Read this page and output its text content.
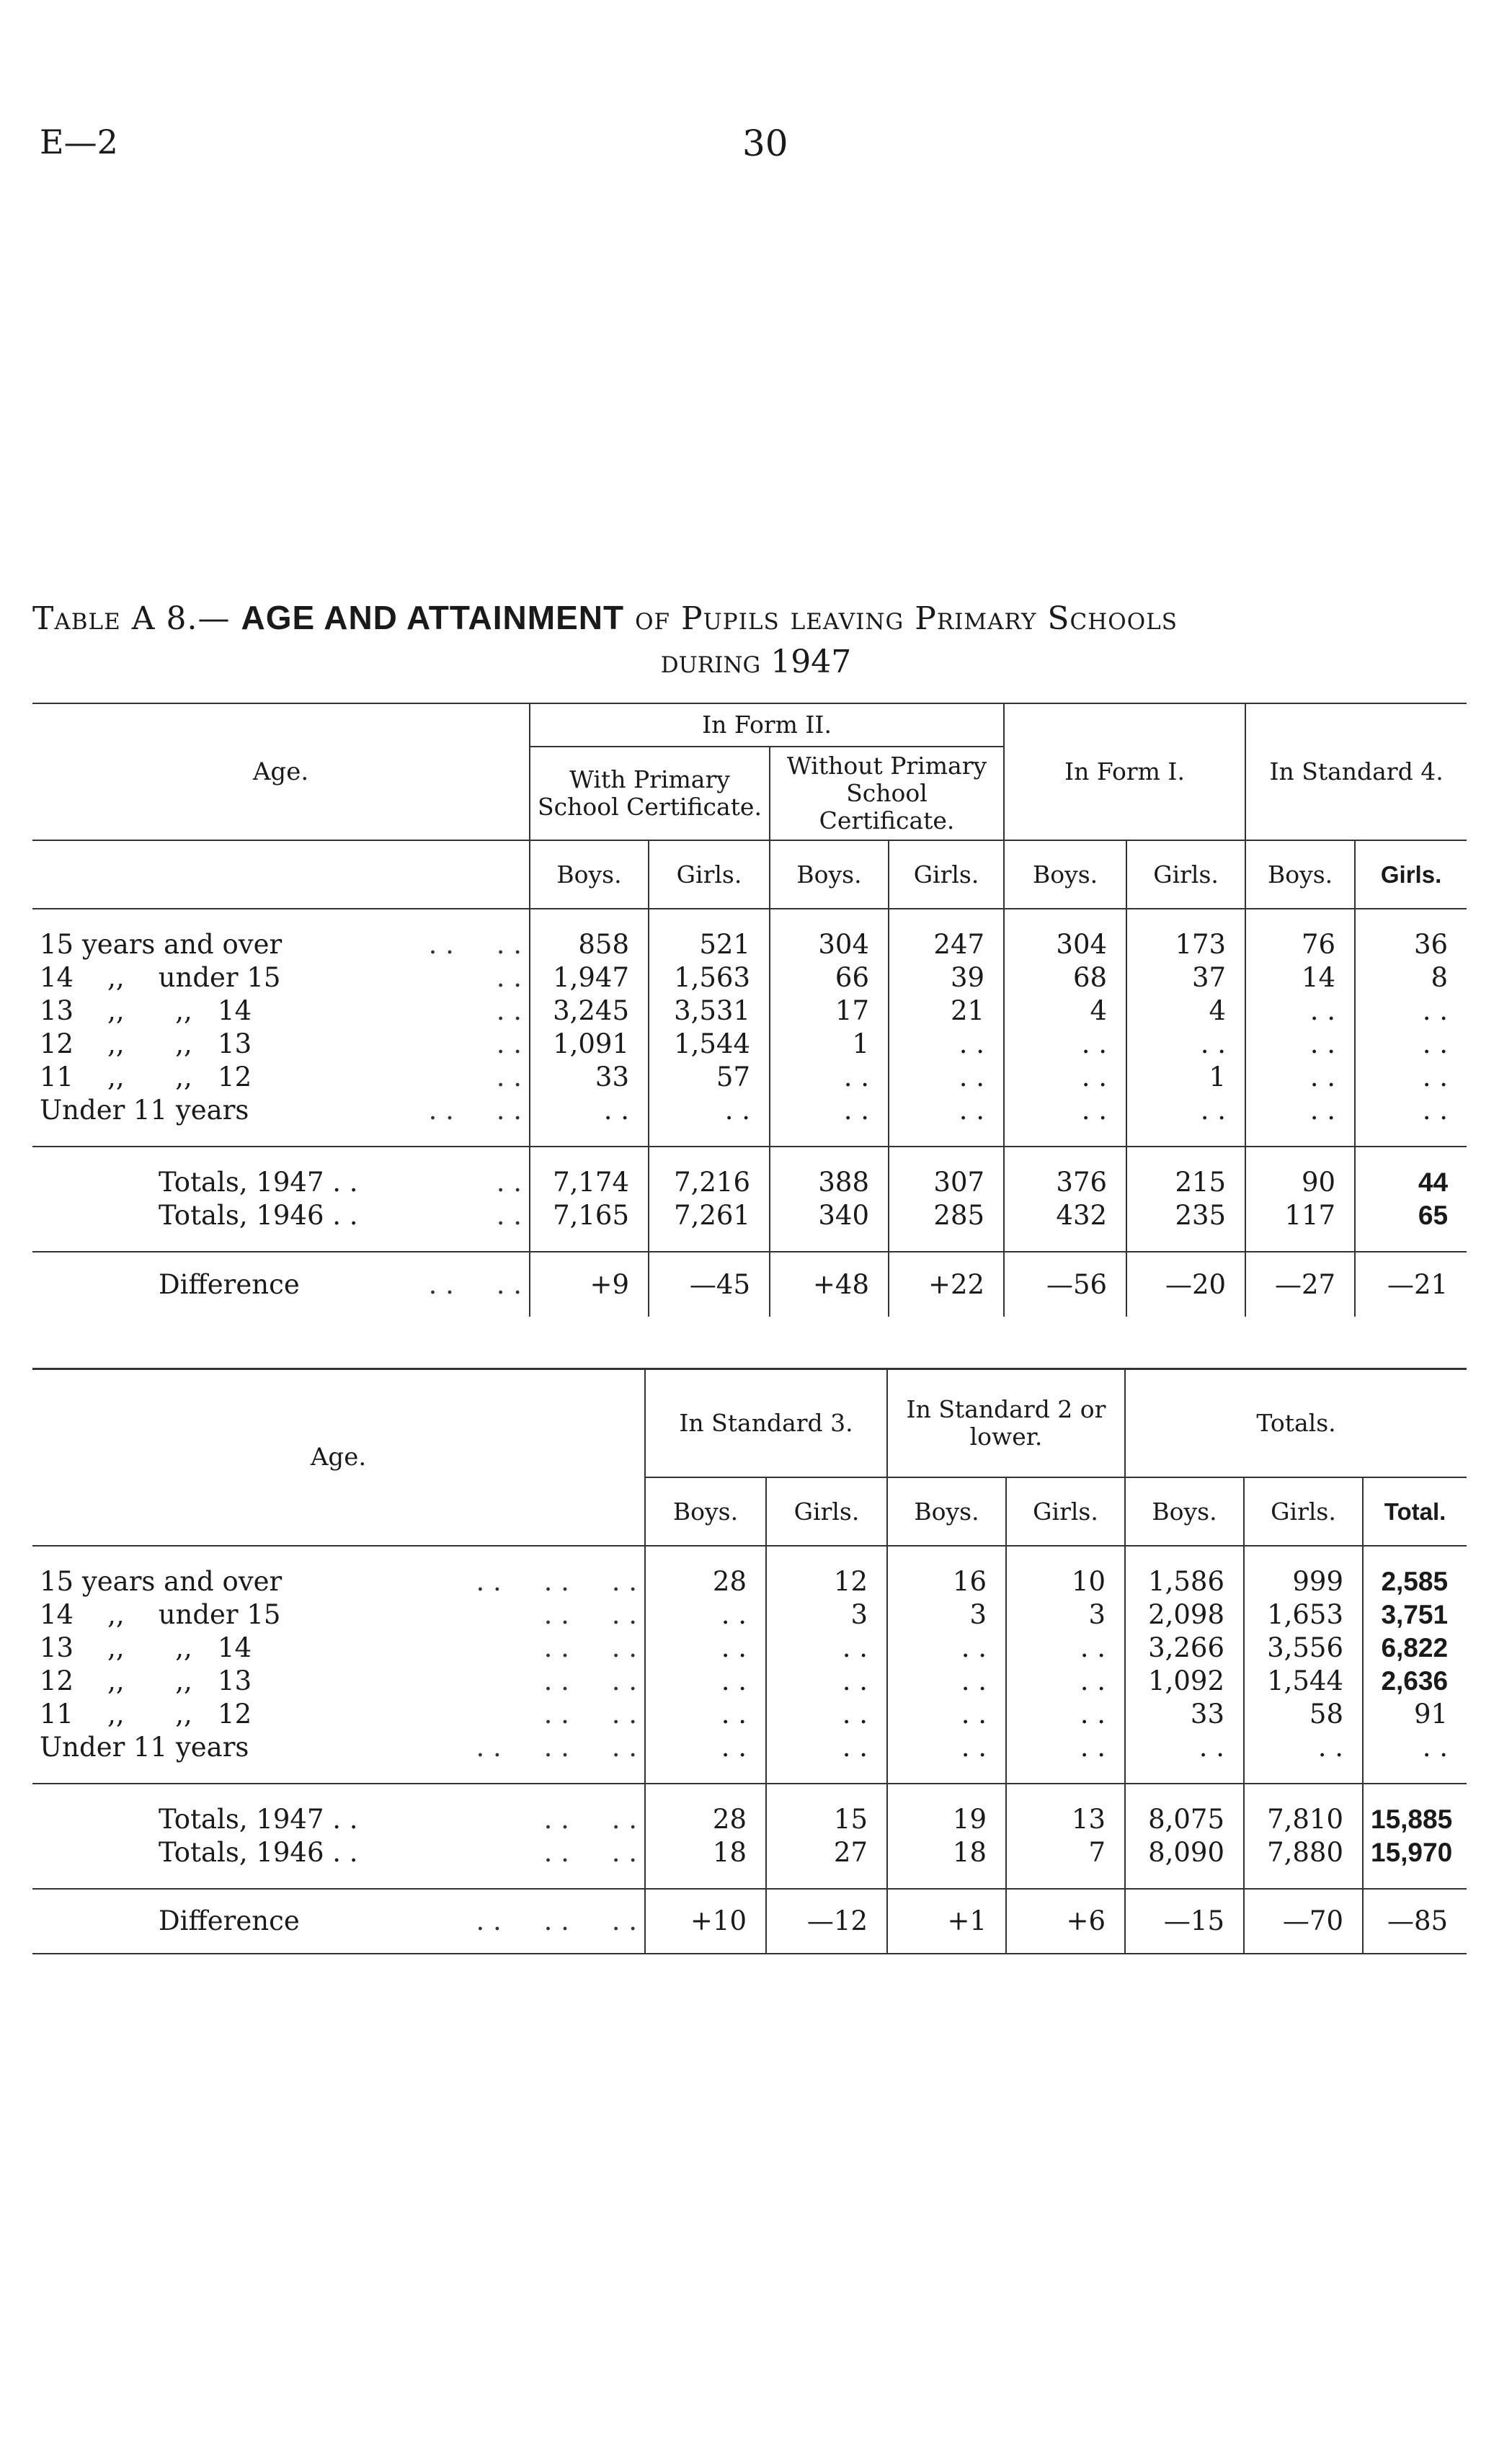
E—2	30
Table A 8.— AGE AND ATTAINMENT of Pupils leaving Primary Schools
during 1947
Age.	In Form II.				In Form I.		In Standard 4.	
	With Primary School Certificate.		Without Primary School Certificate.					
	Boys.	Girls.	Boys.	Girls.	Boys.	Girls.	Boys.	Girls.

15 years and over . .     . .	858	521	304	247	304	173	76	36
14    ,,    under 15 . .	1,947	1,563	66	39	68	37	14	8
13    ,,      ,,   14 . .	3,245	3,531	17	21	4	4	. .	. .
12    ,,      ,,   13 . .	1,091	1,544	1	. .	. .	. .	. .	. .
11    ,,      ,,   12 . .	33	57	. .	. .	. .	1	. .	. .
Under 11 years . .     . .	. .	. .	. .	. .	. .	. .	. .	. .

Totals, 1947 . . . .	7,174	7,216	388	307	376	215	90	44
Totals, 1946 . . . .	7,165	7,261	340	285	432	235	117	65

Difference . .     . .	+9	—45	+48	+22	—56	—20	—27	—21
Age.	In Standard 3.		In Standard 2 or lower.		Totals.		
	Boys.	Girls.	Boys.	Girls.	Boys.	Girls.	Total.

15 years and over . .     . .     . .	28	12	16	10	1,586	999	2,585
14    ,,    under 15 . .     . .	. .	3	3	3	2,098	1,653	3,751
13    ,,      ,,   14 . .     . .	. .	. .	. .	. .	3,266	3,556	6,822
12    ,,      ,,   13 . .     . .	. .	. .	. .	. .	1,092	1,544	2,636
11    ,,      ,,   12 . .     . .	. .	. .	. .	. .	33	58	91
Under 11 years . .     . .     . .	. .	. .	. .	. .	. .	. .	. .

Totals, 1947 . . . .     . .	28	15	19	13	8,075	7,810	15,885
Totals, 1946 . . . .     . .	18	27	18	7	8,090	7,880	15,970

Difference . .     . .     . .	+10	—12	+1	+6	—15	—70	—85
